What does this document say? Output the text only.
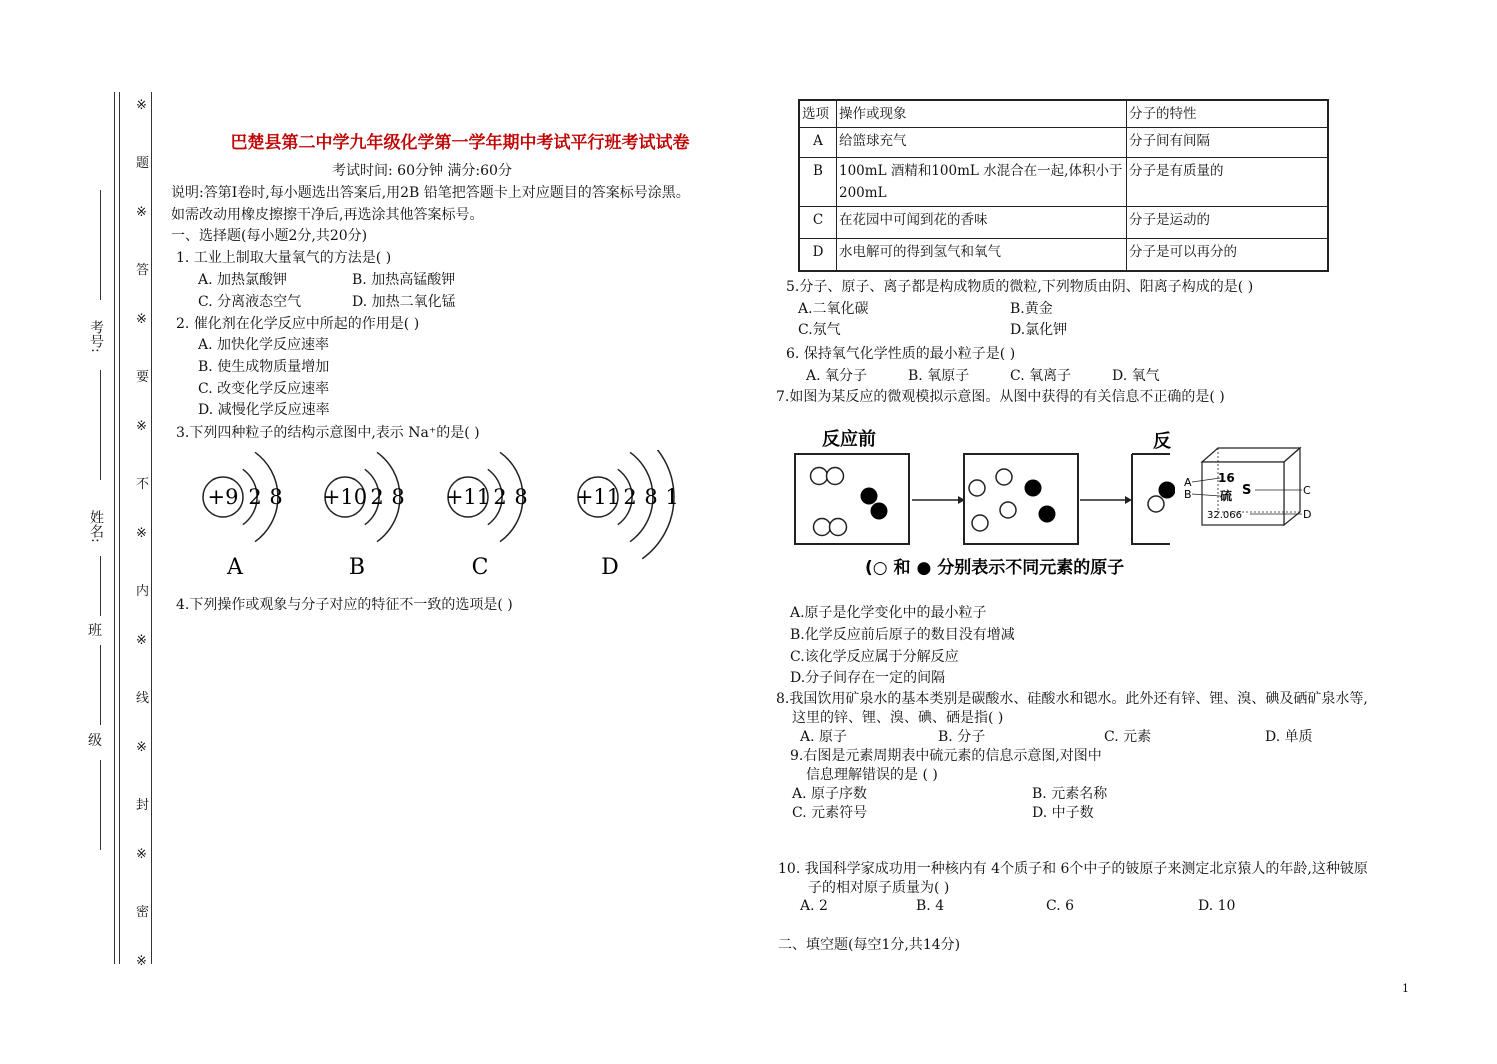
※
题
※
答
※
要
※
不
※
内
※
线
※
封
※
密
※
考号:
姓名:
班
级
巴楚县第二中学九年级化学第一学年期中考试平行班考试试卷
考试时间: 60分钟 满分:60分
说明:答第Ⅰ卷时,每小题选出答案后,用2B 铅笔把答题卡上对应题目的答案标号涂黑。
如需改动用橡皮擦擦干净后,再选涂其他答案标号。
一、选择题(每小题2分,共20分)
1. 工业上制取大量氧气的方法是( )
A. 加热氯酸钾	B. 加热高锰酸钾
C. 分离液态空气	D. 加热二氧化锰
2. 催化剂在化学反应中所起的作用是( )
A. 加快化学反应速率
B. 使生成物质量增加
C. 改变化学反应速率
D. 减慢化学反应速率
3.下列四种粒子的结构示意图中,表示 Na⁺的是( )
+9 2 8
A
+10 2 8
B
+11 2 8
C
+11 2 8 1
D
4.下列操作或观象与分子对应的特征不一致的选项是( )
选项	操作或现象	分子的特性
A	给篮球充气	分子间有间隔
B	100mL 酒精和100mL 水混合在一起,体积小于200mL	分子是有质量的
C	在花园中可闻到花的香味	分子是运动的
D	水电解可的得到氢气和氧气	分子是可以再分的
5.分子、原子、离子都是构成物质的微粒,下列物质由阴、阳离子构成的是( )
A.二氧化碳	B.黄金
C.氖气	D.氯化钾
6. 保持氧气化学性质的最小粒子是( )
A. 氧分子	B. 氧原子	C. 氧离子	D. 氧气
7.如图为某反应的微观模拟示意图。从图中获得的有关信息不正确的是( )
反应前	反
(○ 和 ● 分别表示不同元素的原子
16
S
硫
32.066
A
B	C
D
A.原子是化学变化中的最小粒子
B.化学反应前后原子的数目没有增减
C.该化学反应属于分解反应
D.分子间存在一定的间隔
8.我国饮用矿泉水的基本类别是碳酸水、硅酸水和锶水。此外还有锌、锂、溴、碘及硒矿泉水等,
这里的锌、锂、溴、碘、硒是指( )
A. 原子	B. 分子	C. 元素	D. 单质
9.右图是元素周期表中硫元素的信息示意图,对图中
信息理解错误的是 ( )
A. 原子序数	B. 元素名称
C. 元素符号	D. 中子数
10. 我国科学家成功用一种核内有 4个质子和 6个中子的铍原子来测定北京猿人的年龄,这种铍原
子的相对原子质量为( )
A. 2	B. 4	C. 6	D. 10
二、填空题(每空1分,共14分)
1
